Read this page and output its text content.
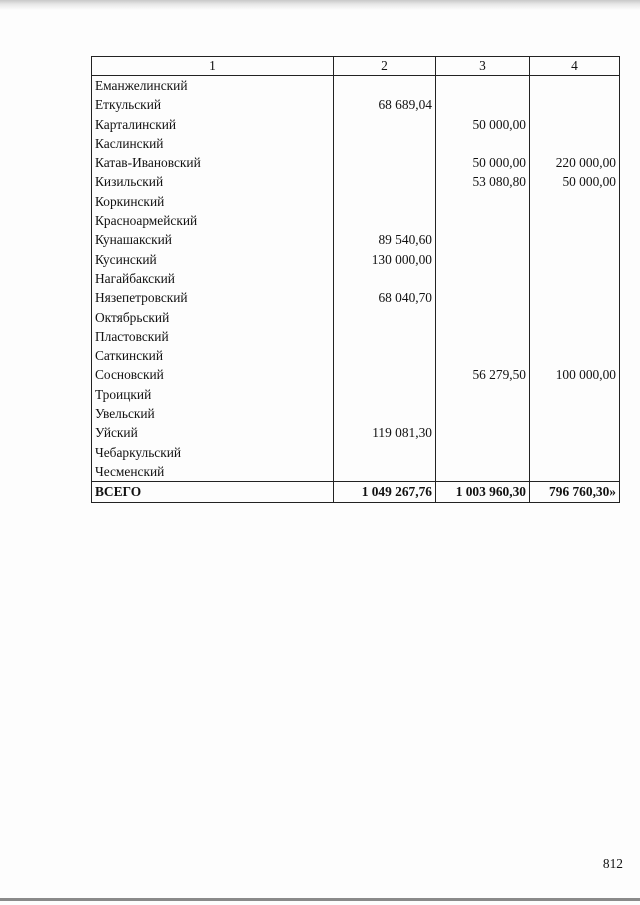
1	2	3	4
Еманжелинский			
Еткульский	68 689,04		
Карталинский		50 000,00	
Каслинский			
Катав-Ивановский		50 000,00	220 000,00
Кизильский		53 080,80	50 000,00
Коркинский			
Красноармейский			
Кунашакский	89 540,60		
Кусинский	130 000,00		
Нагайбакский			
Нязепетровский	68 040,70		
Октябрьский			
Пластовский			
Саткинский			
Сосновский		56 279,50	100 000,00
Троицкий			
Увельский			
Уйский	119 081,30		
Чебаркульский			
Чесменский			
ВСЕГО	1 049 267,76	1 003 960,30	796 760,30»
812
